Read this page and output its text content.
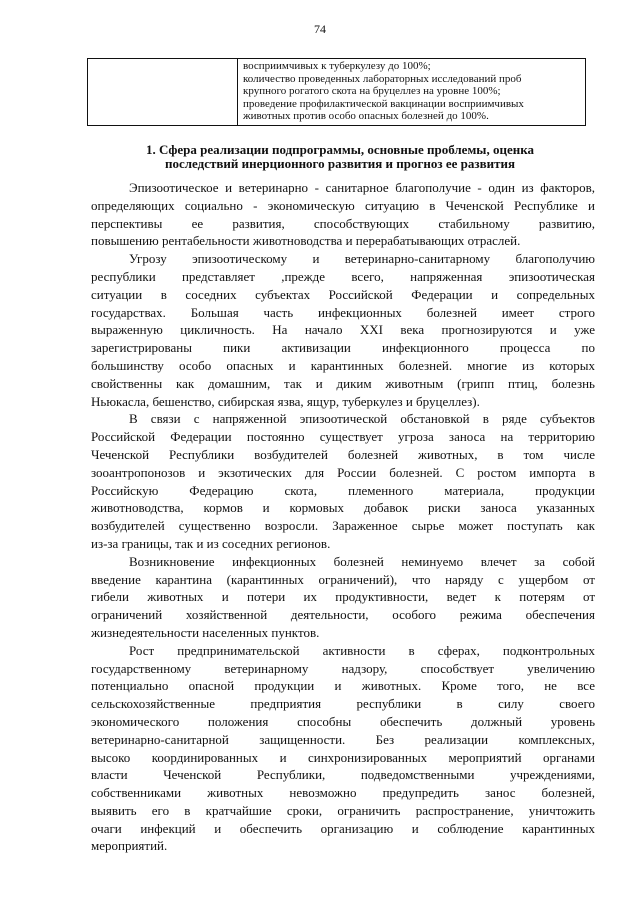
74

восприимчивых к туберкулезу до 100%;
количество проведенных лабораторных исследований проб
крупного рогатого скота на бруцеллез на уровне 100%;
проведение профилактической вакцинации восприимчивых
животных против особо опасных болезней до 100%.
1. Сфера реализации подпрограммы, основные проблемы, оценка
последствий инерционного развития и прогноз ее развития
Эпизоотическое и ветеринарно - санитарное благополучие - один из факторов,
определяющих социально - экономическую ситуацию в Чеченской Республике и
перспективы ее развития, способствующих стабильному развитию,
повышению рентабельности животноводства и перерабатывающих отраслей.
Угрозу эпизоотическому и ветеринарно-санитарному благополучию
республики представляет ,прежде всего, напряженная эпизоотическая
ситуации в соседних субъектах Российской Федерации и сопредельных
государствах. Большая часть инфекционных болезней имеет строго
выраженную цикличность. На начало XXI века прогнозируются и уже
зарегистрированы пики активизации инфекционного процесса по
большинству особо опасных и карантинных болезней. многие из которых
свойственны как домашним, так и диким животным (грипп птиц, болезнь
Ньюкасла, бешенство, сибирская язва, ящур, туберкулез и бруцеллез).
В связи с напряженной эпизоотической обстановкой в ряде субъектов
Российской Федерации постоянно существует угроза заноса на территорию
Чеченской Республики возбудителей болезней животных, в том числе
зооантропонозов и экзотических для России болезней. С ростом импорта в
Российскую Федерацию скота, племенного материала, продукции
животноводства, кормов и кормовых добавок риски заноса указанных
возбудителей существенно возросли. Зараженное сырье может поступать как
из-за границы, так и из соседних регионов.
Возникновение инфекционных болезней неминуемо влечет за собой
введение карантина (карантинных ограничений), что наряду с ущербом от
гибели животных и потери их продуктивности, ведет к потерям от
ограничений хозяйственной деятельности, особого режима обеспечения
жизнедеятельности населенных пунктов.
Рост предпринимательской активности в сферах, подконтрольных
государственному ветеринарному надзору, способствует увеличению
потенциально опасной продукции и животных. Кроме того, не все
сельскохозяйственные предприятия республики в силу своего
экономического положения способны обеспечить должный уровень
ветеринарно-санитарной защищенности. Без реализации комплексных,
высоко координированных и синхронизированных мероприятий органами
власти Чеченской Республики, подведомственными учреждениями,
собственниками животных невозможно предупредить занос болезней,
выявить его в кратчайшие сроки, ограничить распространение, уничтожить
очаги инфекций и обеспечить организацию и соблюдение карантинных
мероприятий.
